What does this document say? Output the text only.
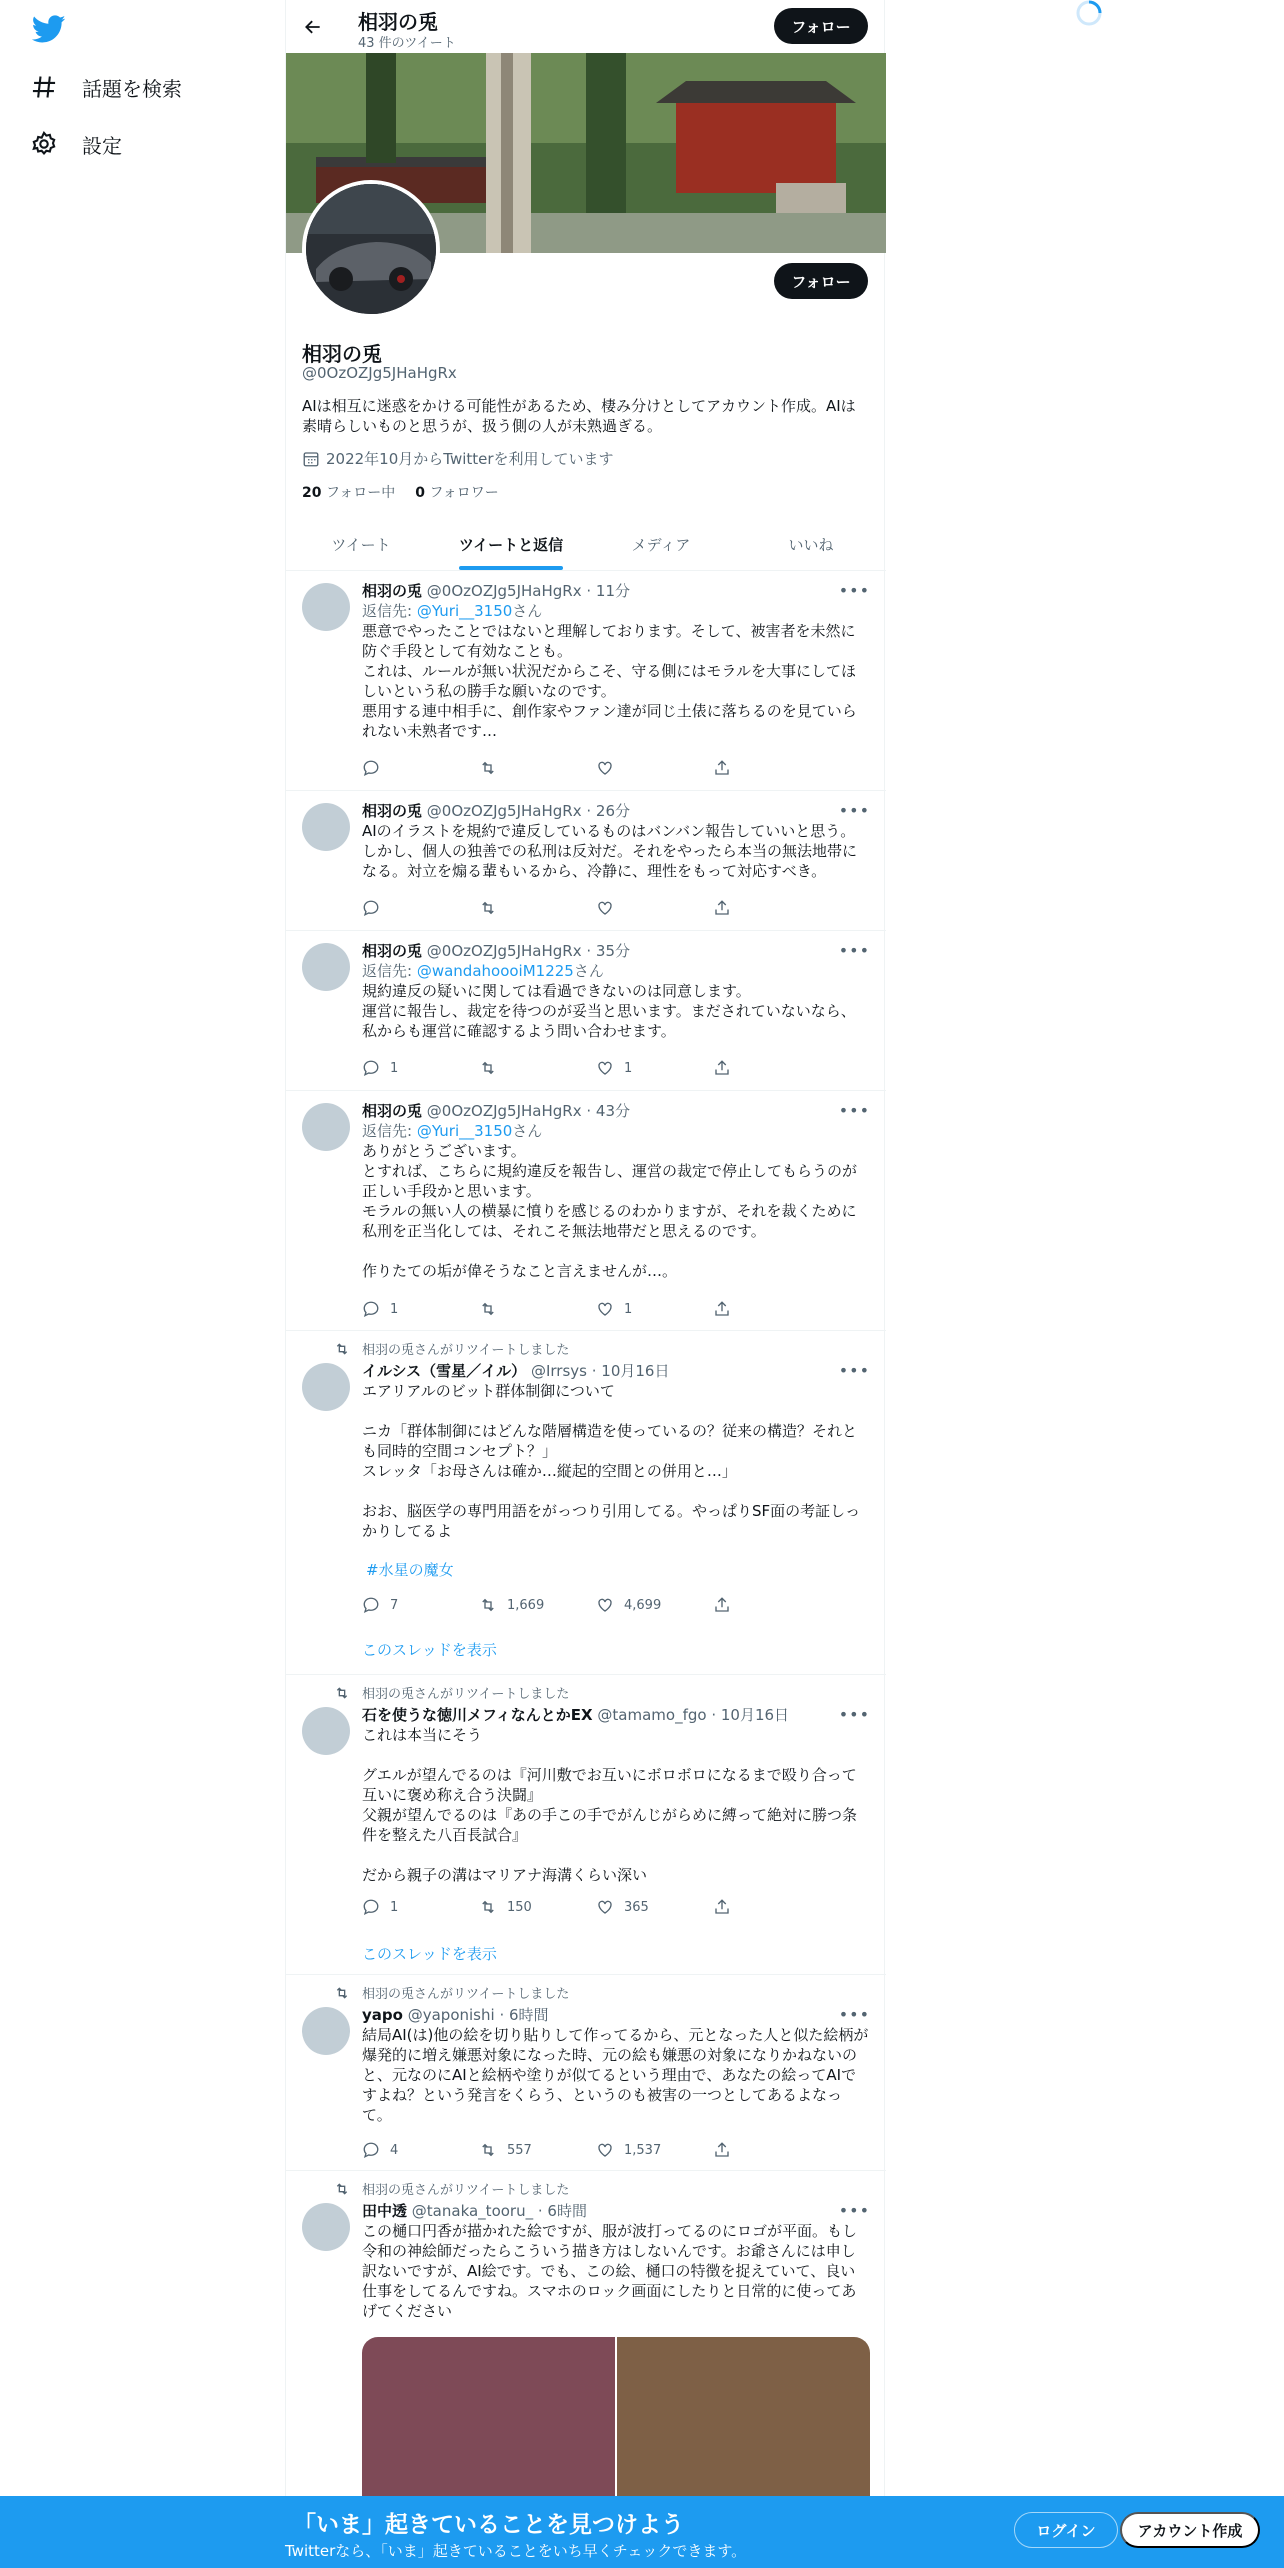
話題を検索
設定
相羽の兎
43 件のツイート
フォロー
フォロー
相羽の兎
@0OzOZJg5JHaHgRx
AIは相互に迷惑をかける可能性があるため、棲み分けとしてアカウント作成。AIは素晴らしいものと思うが、扱う側の人が未熟過ぎる。
2022年10月からTwitterを利用しています
20 フォロー中 0 フォロワー
ツイート	ツイートと返信	メディア	いいね
•••
相羽の兎 @0OzOZJg5JHaHgRx · 11分
返信先: @Yuri__3150さん
悪意でやったことではないと理解しております。そして、被害者を未然に防ぐ手段として有効なことも。
これは、ルールが無い状況だからこそ、守る側にはモラルを大事にしてほしいという私の勝手な願いなのです。
悪用する連中相手に、創作家やファン達が同じ土俵に落ちるのを見ていられない未熟者です…
•••
相羽の兎 @0OzOZJg5JHaHgRx · 26分
AIのイラストを規約で違反しているものはバンバン報告していいと思う。しかし、個人の独善での私刑は反対だ。それをやったら本当の無法地帯になる。対立を煽る輩もいるから、冷静に、理性をもって対応すべき。
•••
相羽の兎 @0OzOZJg5JHaHgRx · 35分
返信先: @wandahoooiM1225さん
規約違反の疑いに関しては看過できないのは同意します。
運営に報告し、裁定を待つのが妥当と思います。まだされていないなら、私からも運営に確認するよう問い合わせます。
1	1
•••
相羽の兎 @0OzOZJg5JHaHgRx · 43分
返信先: @Yuri__3150さん
ありがとうございます。
とすれば、こちらに規約違反を報告し、運営の裁定で停止してもらうのが正しい手段かと思います。
モラルの無い人の横暴に憤りを感じるのわかりますが、それを裁くために私刑を正当化しては、それこそ無法地帯だと思えるのです。

作りたての垢が偉そうなこと言えませんが…。
1	1
相羽の兎さんがリツイートしました
•••
イルシス（雪星／イル） @Irrsys · 10月16日
エアリアルのビット群体制御について

ニカ「群体制御にはどんな階層構造を使っているの？従来の構造？それとも同時的空間コンセプト？」
スレッタ「お母さんは確か…縦起的空間との併用と…」

おお、脳医学の専門用語をがっつり引用してる。やっぱりSF面の考証しっかりしてるよ
#水星の魔女
7	1,669	4,699
このスレッドを表示
相羽の兎さんがリツイートしました
•••
石を使うな徳川メフィなんとかEX @tamamo_fgo · 10月16日
これは本当にそう

グエルが望んでるのは『河川敷でお互いにボロボロになるまで殴り合って互いに褒め称え合う決闘』
父親が望んでるのは『あの手この手でがんじがらめに縛って絶対に勝つ条件を整えた八百長試合』

だから親子の溝はマリアナ海溝くらい深い
1	150	365
このスレッドを表示
相羽の兎さんがリツイートしました
•••
yapo @yaponishi · 6時間
結局AI(は)他の絵を切り貼りして作ってるから、元となった人と似た絵柄が爆発的に増え嫌悪対象になった時、元の絵も嫌悪の対象になりかねないのと、元なのにAIと絵柄や塗りが似てるという理由で、あなたの絵ってAIですよね？という発言をくらう、というのも被害の一つとしてあるよなって。
4	557	1,537
相羽の兎さんがリツイートしました
•••
田中透 @tanaka_tooru_ · 6時間
この樋口円香が描かれた絵ですが、服が波打ってるのにロゴが平面。もし令和の神絵師だったらこういう描き方はしないんです。お爺さんには申し訳ないですが、AI絵です。でも、この絵、樋口の特徴を捉えていて、良い仕事をしてるんですね。スマホのロック画面にしたりと日常的に使ってあげてください
「いま」起きていることを見つけよう
Twitterなら、「いま」起きていることをいち早くチェックできます。
ログイン	アカウント作成
